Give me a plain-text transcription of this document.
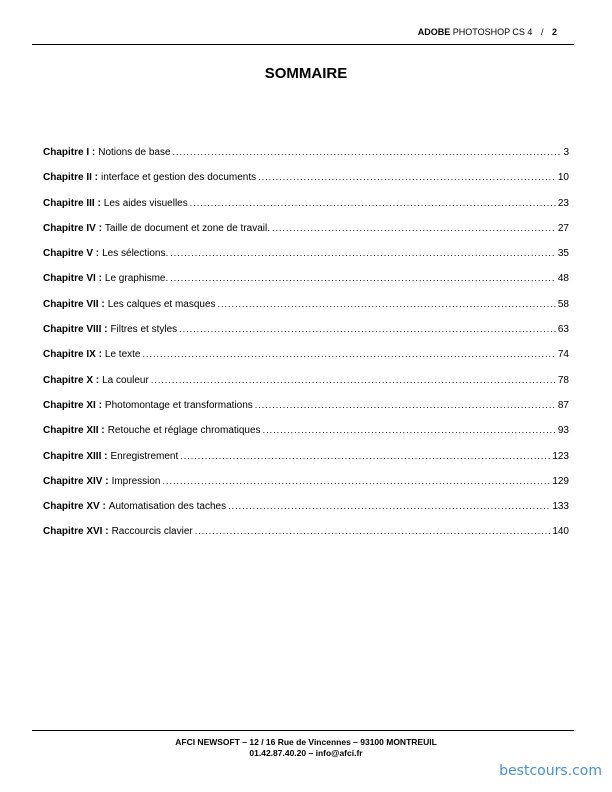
ADOBE PHOTOSHOP CS 4 / 2
SOMMAIRE
Chapitre I : Notions de base .....	3
Chapitre II : interface et gestion des documents .....	10
Chapitre III : Les aides visuelles .....	23
Chapitre IV : Taille de document et zone de travail. .....	27
Chapitre V : Les sélections. .....	35
Chapitre VI : Le graphisme. .....	48
Chapitre VII : Les calques et masques .....	58
Chapitre VIII : Filtres et styles .....	63
Chapitre IX : Le texte .....	74
Chapitre X : La couleur .....	78
Chapitre XI : Photomontage et transformations .....	87
Chapitre XII : Retouche et réglage chromatiques .....	93
Chapitre XIII : Enregistrement .....	123
Chapitre XIV : Impression .....	129
Chapitre XV : Automatisation des taches .....	133
Chapitre XVI : Raccourcis clavier .....	140
AFCI NEWSOFT – 12 / 16 Rue de Vincennes – 93100 MONTREUIL
01.42.87.40.20 – info@afci.fr
bestcours.com
